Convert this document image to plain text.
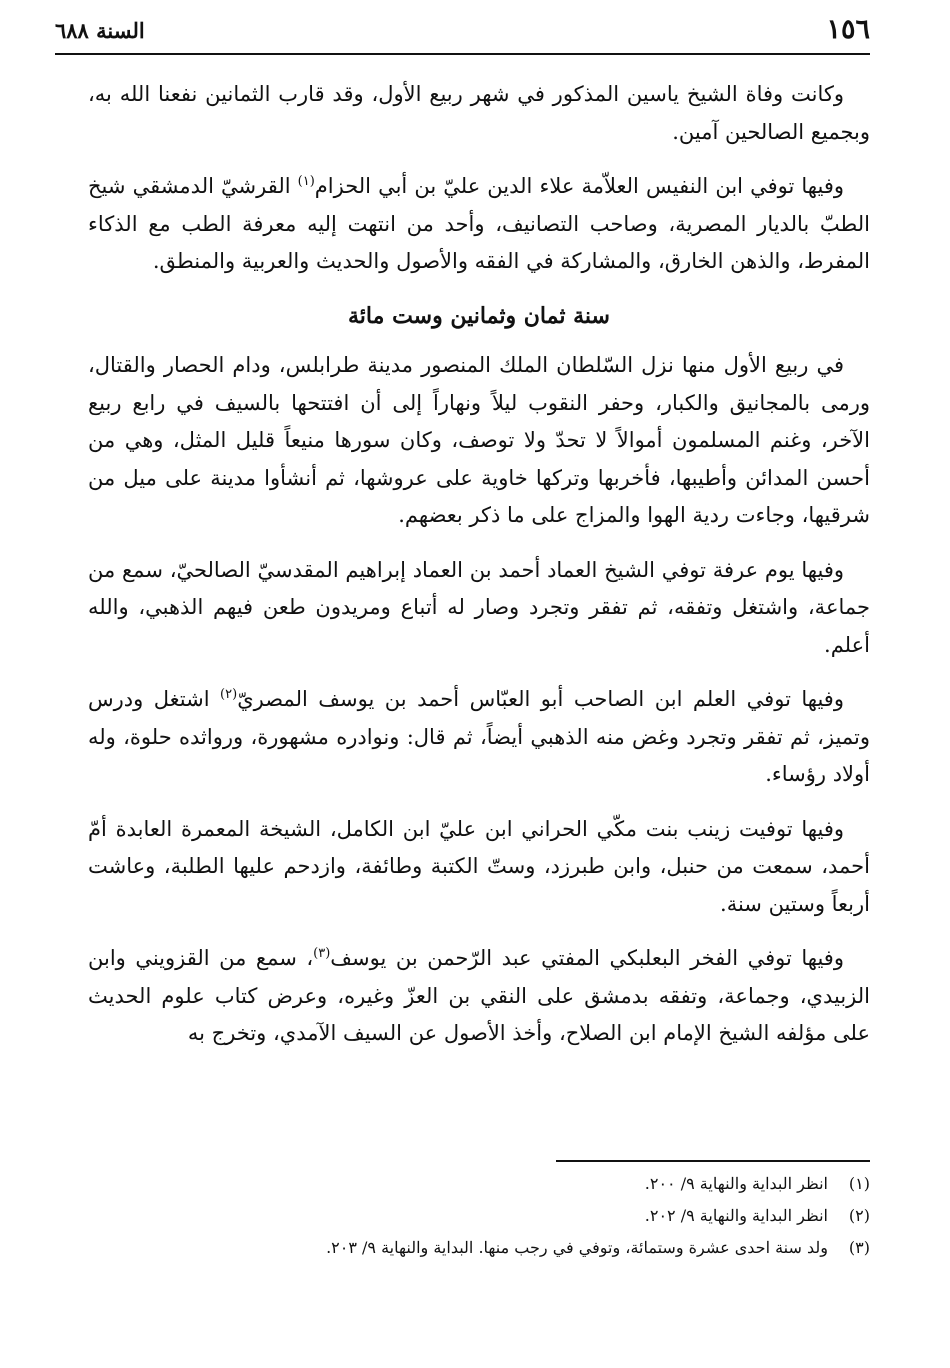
١٥٦
السنة ٦٨٨

وكانت وفاة الشيخ ياسين المذكور في شهر ربيع الأول، وقد قارب الثمانين نفعنا الله به، وبجميع الصالحين آمين.

وفيها توفي ابن النفيس العلاّمة علاء الدين عليّ بن أبي الحزام$^{(١)}$ القرشيّ الدمشقي شيخ الطبّ بالديار المصرية، وصاحب التصانيف، وأحد من انتهت إليه معرفة الطب مع الذكاء المفرط، والذهن الخارق، والمشاركة في الفقه والأصول والحديث والعربية والمنطق.

سنة ثمان وثمانين وست مائة

في ربيع الأول منها نزل السّلطان الملك المنصور مدينة طرابلس، ودام الحصار والقتال، ورمى بالمجانيق والكبار، وحفر النقوب ليلاً ونهاراً إلى أن افتتحها بالسيف في رابع ربيع الآخر، وغنم المسلمون أموالاً لا تحدّ ولا توصف، وكان سورها منيعاً قليل المثل، وهي من أحسن المدائن وأطيبها، فأخربها وتركها خاوية على عروشها، ثم أنشأوا مدينة على ميل من شرقيها، وجاءت ردية الهوا والمزاج على ما ذكر بعضهم.

وفيها يوم عرفة توفي الشيخ العماد أحمد بن العماد إبراهيم المقدسيّ الصالحيّ، سمع من جماعة، واشتغل وتفقه، ثم تفقر وتجرد وصار له أتباع ومريدون طعن فيهم الذهبي، والله أعلم.

وفيها توفي العلم ابن الصاحب أبو العبّاس أحمد بن يوسف المصريّ$^{(٢)}$ اشتغل ودرس وتميز، ثم تفقر وتجرد وغض منه الذهبي أيضاً، ثم قال: ونوادره مشهورة، ورواثده حلوة، وله أولاد رؤساء.

وفيها توفيت زينب بنت مكّي الحراني ابن عليّ ابن الكامل، الشيخة المعمرة العابدة أمّ أحمد، سمعت من حنبل، وابن طبرزد، وستّ الكتبة وطائفة، وازدحم عليها الطلبة، وعاشت أربعاً وستين سنة.

وفيها توفي الفخر البعلبكي المفتي عبد الرّحمن بن يوسف$^{(٣)}$، سمع من القزويني وابن الزبيدي، وجماعة، وتفقه بدمشق على النقي بن العزّ وغيره، وعرض كتاب علوم الحديث على مؤلفه الشيخ الإمام ابن الصلاح، وأخذ الأصول عن السيف الآمدي، وتخرج به

(١)
انظر البداية والنهاية ٩/ ٢٠٠.
(٢)
انظر البداية والنهاية ٩/ ٢٠٢.
(٣)
ولد سنة احدى عشرة وستمائة، وتوفي في رجب منها. البداية والنهاية ٩/ ٢٠٣.
